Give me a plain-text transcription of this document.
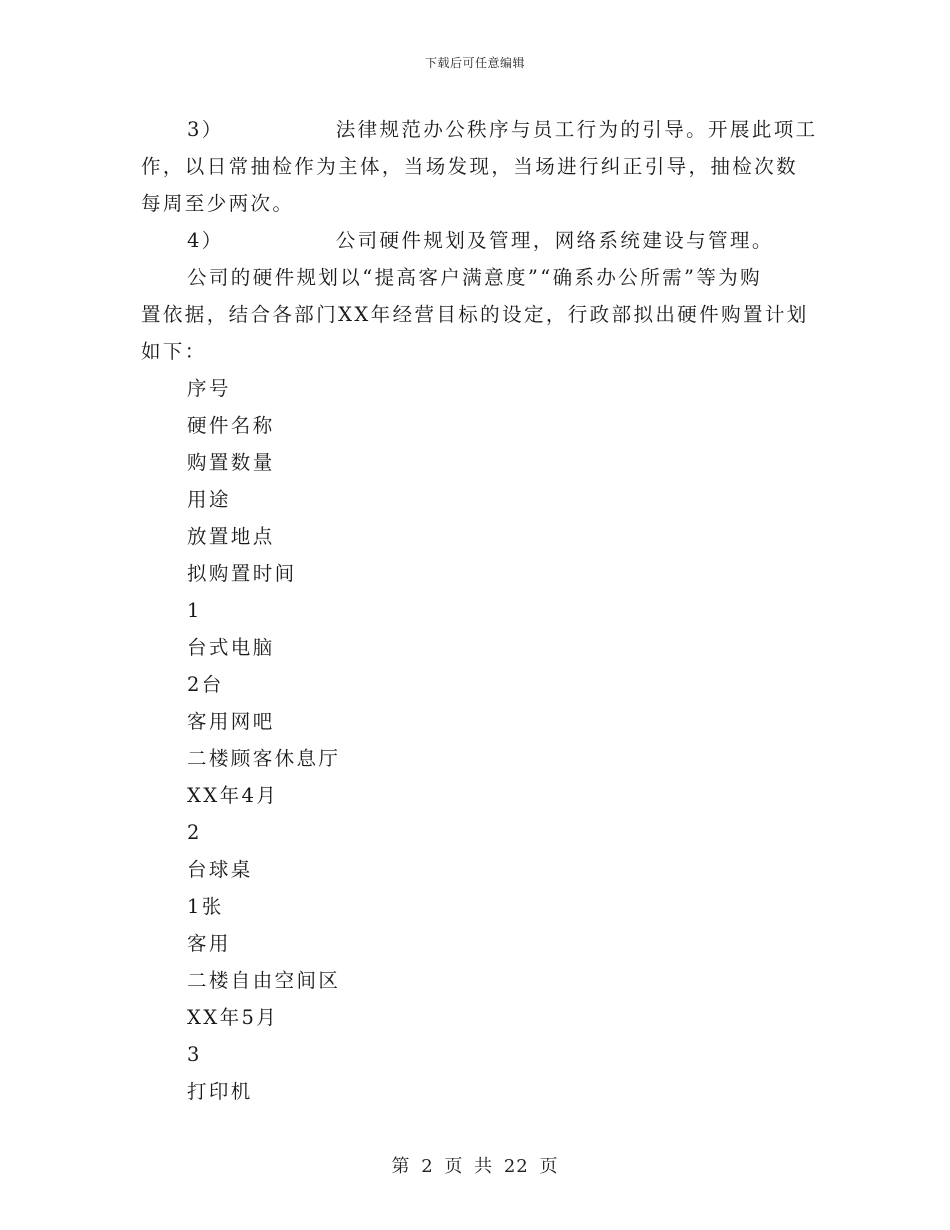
下载后可任意编辑

3）	法律规范办公秩序与员工行为的引导。开展此项工

作，以日常抽检作为主体，当场发现，当场进行纠正引导，抽检次数

每周至少两次。

4）	公司硬件规划及管理，网络系统建设与管理。

公司的硬件规划以“提高客户满意度”“确系办公所需”等为购

置依据，结合各部门XX年经营目标的设定，行政部拟出硬件购置计划

如下：

序号

硬件名称

购置数量

用途

放置地点

拟购置时间

1

台式电脑

2台

客用网吧

二楼顾客休息厅

XX年4月

2

台球桌

1张

客用

二楼自由空间区

XX年5月

3

打印机

第 2 页 共 22 页
